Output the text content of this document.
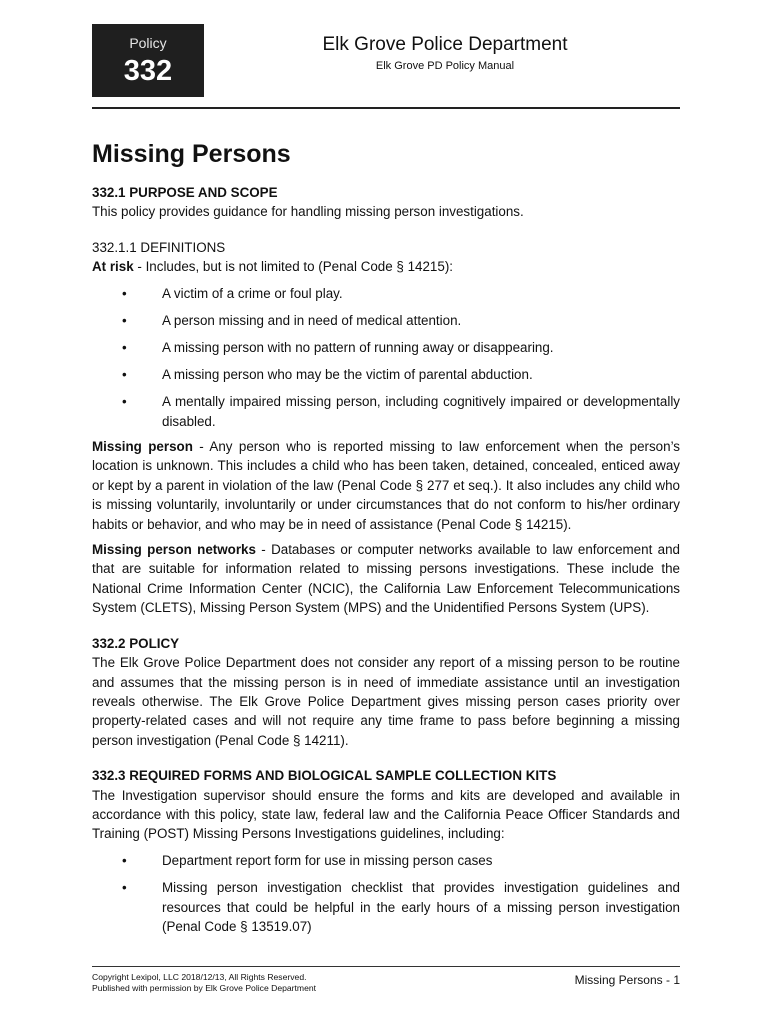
Policy
332
Elk Grove Police Department
Elk Grove PD Policy Manual
Missing Persons

332.1 PURPOSE AND SCOPE

This policy provides guidance for handling missing person investigations.

332.1.1 DEFINITIONS

At risk - Includes, but is not limited to (Penal Code § 14215):

•	A victim of a crime or foul play.
•	A person missing and in need of medical attention.
•	A missing person with no pattern of running away or disappearing.
•	A missing person who may be the victim of parental abduction.
•	A mentally impaired missing person, including cognitively impaired or developmentally disabled.

Missing person - Any person who is reported missing to law enforcement when the person’s location is unknown. This includes a child who has been taken, detained, concealed, enticed away or kept by a parent in violation of the law (Penal Code § 277 et seq.). It also includes any child who is missing voluntarily, involuntarily or under circumstances that do not conform to his/her ordinary habits or behavior, and who may be in need of assistance (Penal Code § 14215).

Missing person networks - Databases or computer networks available to law enforcement and that are suitable for information related to missing persons investigations. These include the National Crime Information Center (NCIC), the California Law Enforcement Telecommunications System (CLETS), Missing Person System (MPS) and the Unidentified Persons System (UPS).

332.2 POLICY

The Elk Grove Police Department does not consider any report of a missing person to be routine and assumes that the missing person is in need of immediate assistance until an investigation reveals otherwise. The Elk Grove Police Department gives missing person cases priority over property-related cases and will not require any time frame to pass before beginning a missing person investigation (Penal Code § 14211).

332.3 REQUIRED FORMS AND BIOLOGICAL SAMPLE COLLECTION KITS

The Investigation supervisor should ensure the forms and kits are developed and available in accordance with this policy, state law, federal law and the California Peace Officer Standards and Training (POST) Missing Persons Investigations guidelines, including:

•	Department report form for use in missing person cases
•	Missing person investigation checklist that provides investigation guidelines and resources that could be helpful in the early hours of a missing person investigation (Penal Code § 13519.07)
Copyright Lexipol, LLC 2018/12/13, All Rights Reserved.
Published with permission by Elk Grove Police Department
Missing Persons - 1
